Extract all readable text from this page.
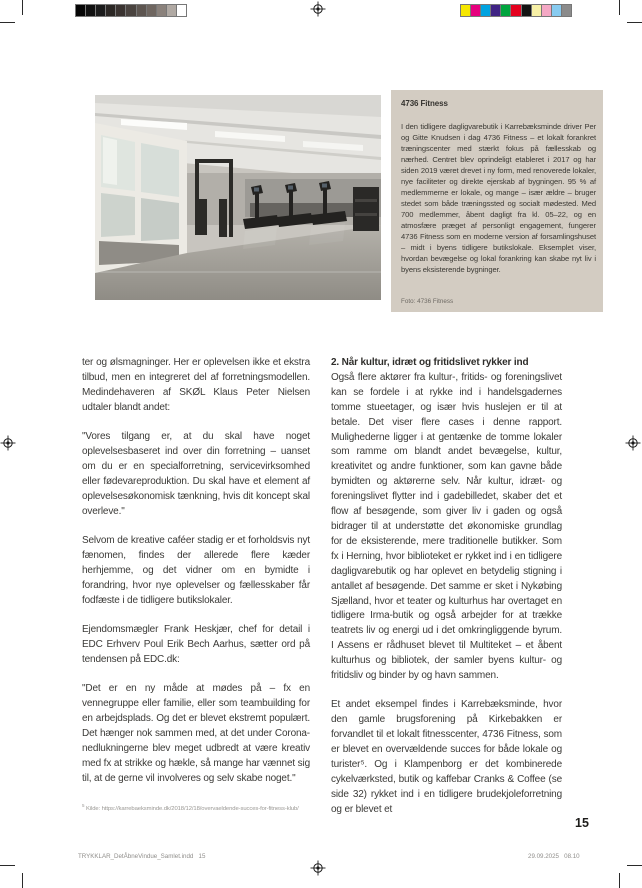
4736 Fitness

I den tidligere dagligvarebutik i Karrebæksminde driver Per og Gitte Knudsen i dag 4736 Fitness – et lokalt forankret træningscenter med stærkt fokus på fællesskab og nærhed. Centret blev oprindeligt etableret i 2017 og har siden 2019 været drevet i ny form, med renoverede lokaler, nye faciliteter og direkte ejerskab af bygningen. 95 % af medlemmerne er lokale, og mange – især ældre – bruger stedet som både træningssted og socialt mødested. Med 700 medlemmer, åbent dagligt fra kl. 05–22, og en atmosfære præget af personligt engagement, fungerer 4736 Fitness som en moderne version af forsamlingshuset – midt i byens tidligere butikslokale. Eksemplet viser, hvordan bevægelse og lokal forankring kan skabe nyt liv i byens eksisterende bygninger.

Foto: 4736 Fitness

ter og ølsmagninger. Her er oplevelsen ikke et ekstra tilbud, men en integreret del af forretningsmodellen. Medindehaveren af SKØL Klaus Peter Nielsen udtaler blandt andet:

"Vores tilgang er, at du skal have noget oplevelsesbaseret ind over din forretning – uanset om du er en specialforretning, servicevirksomhed eller fødevareproduktion. Du skal have et element af oplevelsesøkonomisk tænkning, hvis dit koncept skal overleve."

Selvom de kreative caféer stadig er et forholdsvis nyt fænomen, findes der allerede flere kæder herhjemme, og det vidner om en bymidte i forandring, hvor nye oplevelser og fællesskaber får fodfæste i de tidligere butikslokaler.

Ejendomsmægler Frank Heskjær, chef for detail i EDC Erhverv Poul Erik Bech Aarhus, sætter ord på tendensen på EDC.dk:

"Det er en ny måde at mødes på – fx en vennegruppe eller familie, eller som teambuilding for en arbejdsplads. Og det er blevet ekstremt populært. Det hænger nok sammen med, at det under Corona-nedlukningerne blev meget udbredt at være kreativ med fx at strikke og hækle, så mange har vænnet sig til, at de gerne vil involveres og selv skabe noget."

2. Når kultur, idræt og fritidslivet rykker ind

Også flere aktører fra kultur-, fritids- og foreningslivet kan se fordele i at rykke ind i handelsgadernes tomme stueetager, og især hvis huslejen er til at betale. Det viser flere cases i denne rapport. Mulighederne ligger i at gentænke de tomme lokaler som ramme om blandt andet bevægelse, kultur, kreativitet og andre funktioner, som kan gavne både bymidten og aktørerne selv. Når kultur, idræt- og foreningslivet flytter ind i gadebilledet, skaber det et flow af besøgende, som giver liv i gaden og også bidrager til at understøtte det økonomiske grundlag for de eksisterende, mere traditionelle butikker. Som fx i Herning, hvor biblioteket er rykket ind i en tidligere dagligvarebutik og har oplevet en betydelig stigning i antallet af besøgende. Det samme er sket i Nykøbing Sjælland, hvor et teater og kulturhus har overtaget en tidligere Irma-butik og også arbejder for at trække teatrets liv og energi ud i det omkringliggende byrum. I Assens er rådhuset blevet til Multiteket – et åbent kulturhus og bibliotek, der samler byens kultur- og fritidsliv og binder by og havn sammen.

Et andet eksempel findes i Karrebæksminde, hvor den gamle brugsforening på Kirkebakken er forvandlet til et lokalt fitnesscenter, 4736 Fitness, som er blevet en overvældende succes for både lokale og turister⁵. Og i Klampenborg er det kombinerede cykelværksted, butik og kaffebar Cranks & Coffee (se side 32) rykket ind i en tidligere brudekjoleforretning og er blevet et

$^5$ Kilde: https://karrebaeksminde.dk/2018/12/18/overvaeldende-succes-for-fitness-klub/
15
TRYKKLAR_DetÅbneVindue_Samlet.indd   15	29.09.2025   08.10
